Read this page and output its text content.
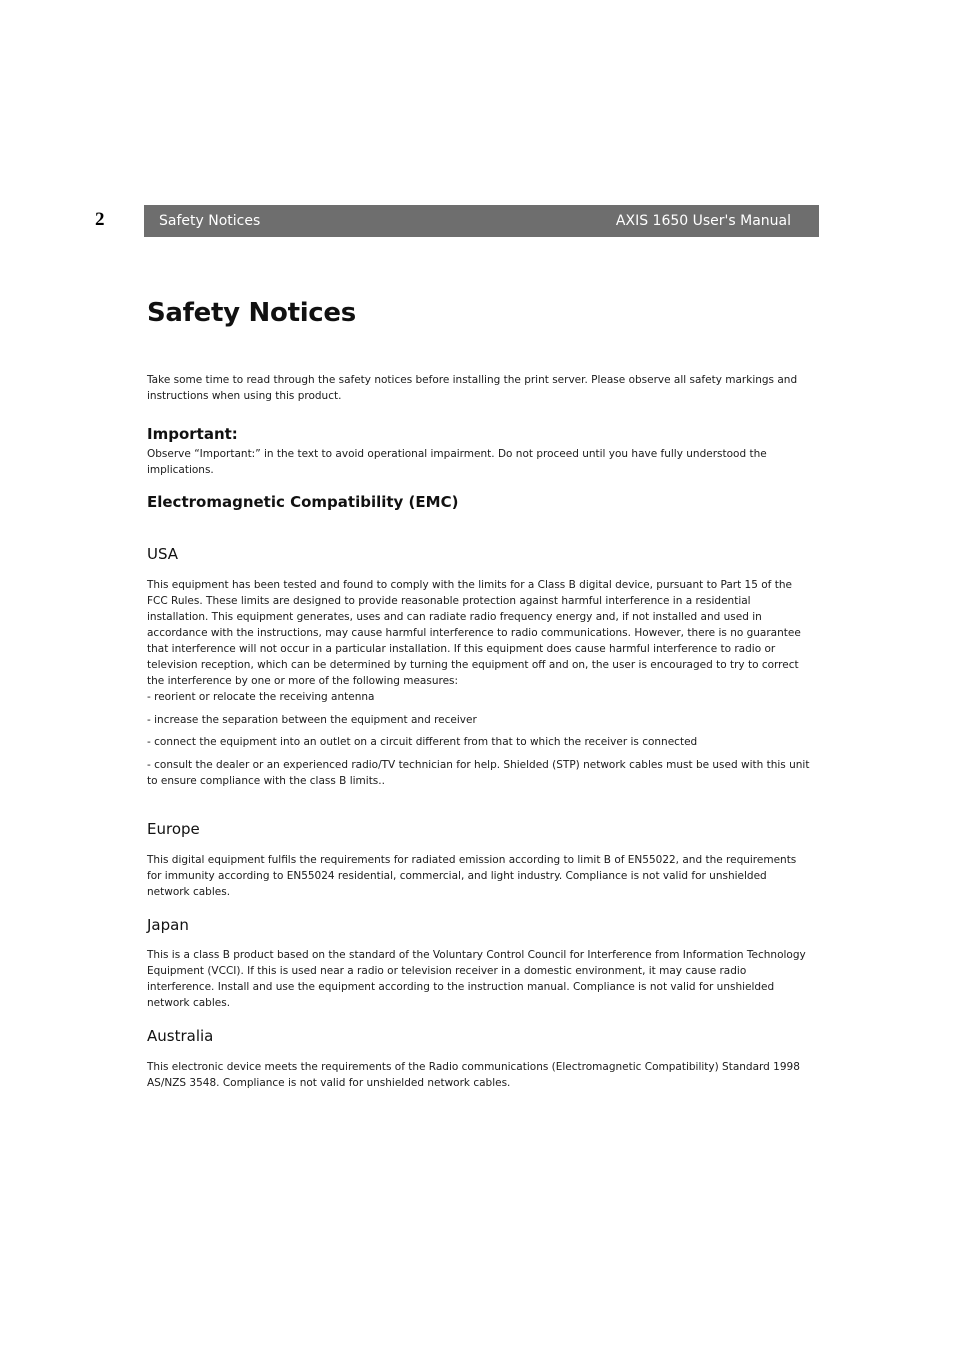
2	Safety Notices	AXIS 1650 User's Manual
Safety Notices

Take some time to read through the safety notices before installing the print server. Please observe all safety markings and instructions when using this product.

Important:

Observe “Important:” in the text to avoid operational impairment. Do not proceed until you have fully understood the implications.

Electromagnetic Compatibility (EMC)
USA

This equipment has been tested and found to comply with the limits for a Class B digital device, pursuant to Part 15 of the FCC Rules. These limits are designed to provide reasonable protection against harmful interference in a residential installation. This equipment generates, uses and can radiate radio frequency energy and, if not installed and used in accordance with the instructions, may cause harmful interference to radio communications. However, there is no guarantee that interference will not occur in a particular installation. If this equipment does cause harmful interference to radio or television reception, which can be determined by turning the equipment off and on, the user is encouraged to try to correct the interference by one or more of the following measures:

- reorient or relocate the receiving antenna
- increase the separation between the equipment and receiver
- connect the equipment into an outlet on a circuit different from that to which the receiver is connected
- consult the dealer or an experienced radio/TV technician for help. Shielded (STP) network cables must be used with this unit to ensure compliance with the class B limits..
Europe

This digital equipment fulfils the requirements for radiated emission according to limit B of EN55022, and the requirements for immunity according to EN55024 residential, commercial, and light industry. Compliance is not valid for unshielded network cables.

Japan

This is a class B product based on the standard of the Voluntary Control Council for Interference from Information Technology Equipment (VCCI). If this is used near a radio or television receiver in a domestic environment, it may cause radio interference. Install and use the equipment according to the instruction manual. Compliance is not valid for unshielded network cables.

Australia

This electronic device meets the requirements of the Radio communications (Electromagnetic Compatibility) Standard 1998 AS/NZS 3548. Compliance is not valid for unshielded network cables.
